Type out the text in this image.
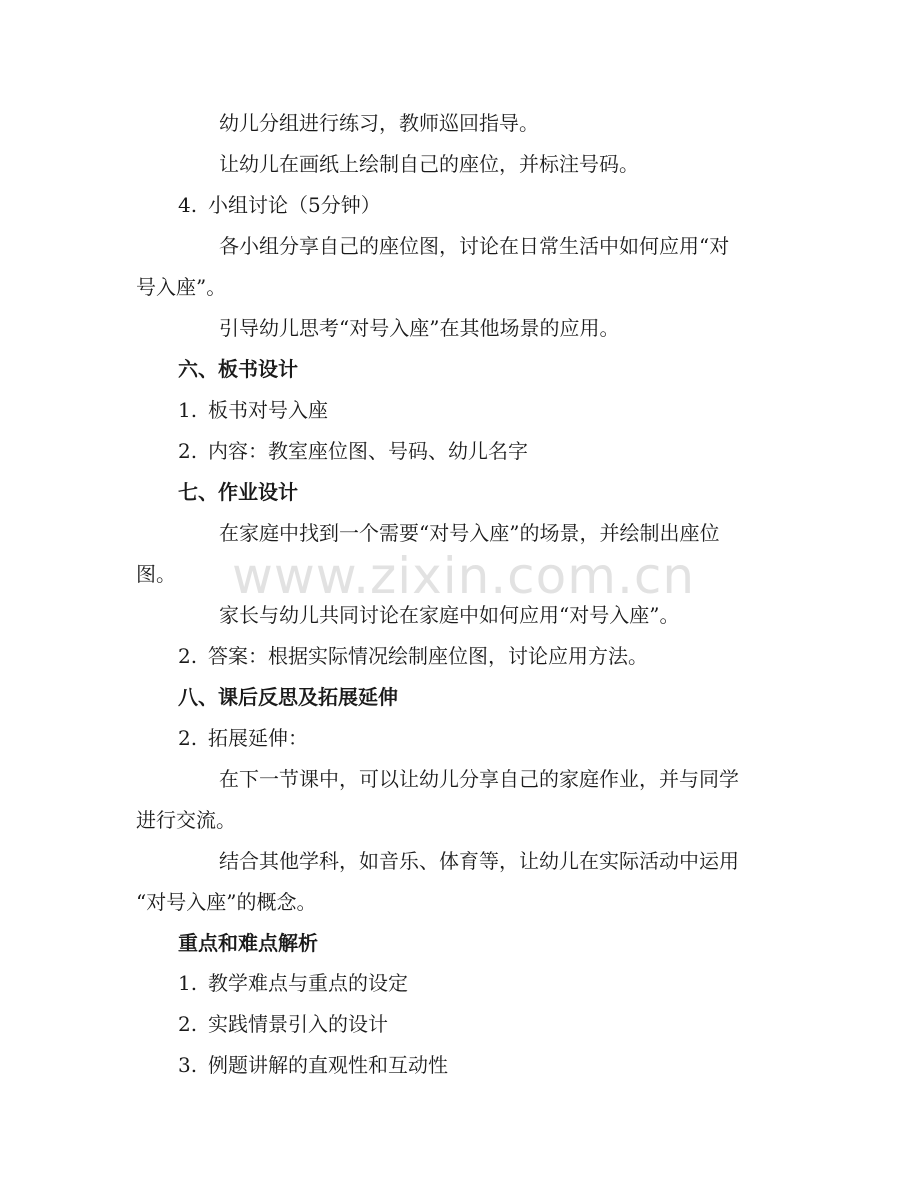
幼儿分组进行练习，教师巡回指导。
让幼儿在画纸上绘制自己的座位，并标注号码。
4. 小组讨论（5分钟）
各小组分享自己的座位图，讨论在日常生活中如何应用“对
号入座”。
引导幼儿思考“对号入座”在其他场景的应用。
六、板书设计
1. 板书对号入座
2. 内容：教室座位图、号码、幼儿名字
七、作业设计
在家庭中找到一个需要“对号入座”的场景，并绘制出座位
图。
家长与幼儿共同讨论在家庭中如何应用“对号入座”。
2. 答案：根据实际情况绘制座位图，讨论应用方法。
八、课后反思及拓展延伸
2. 拓展延伸：
在下一节课中，可以让幼儿分享自己的家庭作业，并与同学
进行交流。
结合其他学科，如音乐、体育等，让幼儿在实际活动中运用
“对号入座”的概念。
重点和难点解析
1. 教学难点与重点的设定
2. 实践情景引入的设计
3. 例题讲解的直观性和互动性
www.zixin.com.cn
